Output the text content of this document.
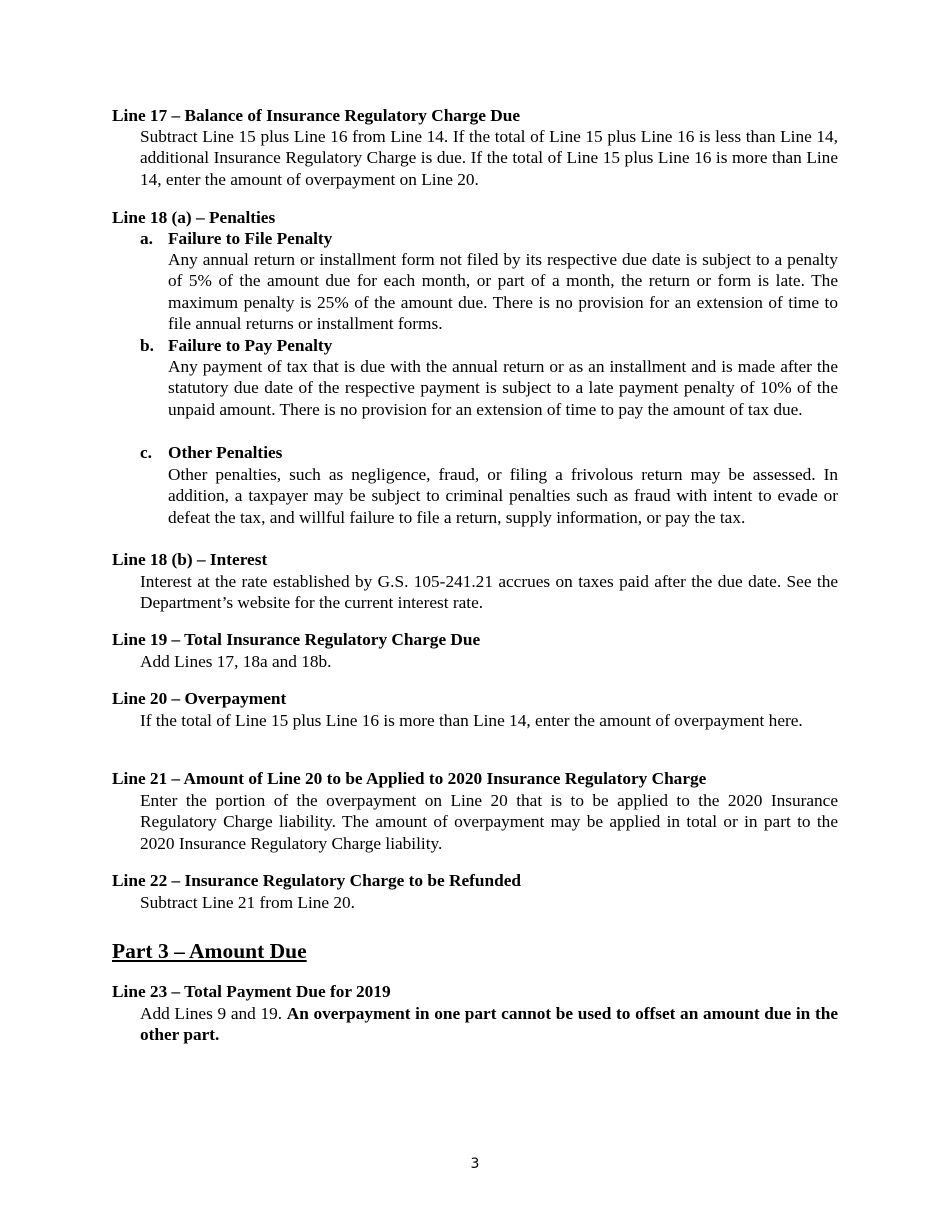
Line 17 – Balance of Insurance Regulatory Charge Due
Subtract Line 15 plus Line 16 from Line 14. If the total of Line 15 plus Line 16 is less than Line 14, additional Insurance Regulatory Charge is due. If the total of Line 15 plus Line 16 is more than Line 14, enter the amount of overpayment on Line 20.
Line 18 (a) – Penalties
a. Failure to File Penalty
Any annual return or installment form not filed by its respective due date is subject to a penalty of 5% of the amount due for each month, or part of a month, the return or form is late. The maximum penalty is 25% of the amount due. There is no provision for an extension of time to file annual returns or installment forms.
b. Failure to Pay Penalty
Any payment of tax that is due with the annual return or as an installment and is made after the statutory due date of the respective payment is subject to a late payment penalty of 10% of the unpaid amount. There is no provision for an extension of time to pay the amount of tax due.
c. Other Penalties
Other penalties, such as negligence, fraud, or filing a frivolous return may be assessed. In addition, a taxpayer may be subject to criminal penalties such as fraud with intent to evade or defeat the tax, and willful failure to file a return, supply information, or pay the tax.
Line 18 (b) – Interest
Interest at the rate established by G.S. 105-241.21 accrues on taxes paid after the due date. See the Department’s website for the current interest rate.
Line 19 – Total Insurance Regulatory Charge Due
Add Lines 17, 18a and 18b.
Line 20 – Overpayment
If the total of Line 15 plus Line 16 is more than Line 14, enter the amount of overpayment here.
Line 21 – Amount of Line 20 to be Applied to 2020 Insurance Regulatory Charge
Enter the portion of the overpayment on Line 20 that is to be applied to the 2020 Insurance Regulatory Charge liability. The amount of overpayment may be applied in total or in part to the 2020 Insurance Regulatory Charge liability.
Line 22 – Insurance Regulatory Charge to be Refunded
Subtract Line 21 from Line 20.
Part 3 – Amount Due
Line 23 – Total Payment Due for 2019
Add Lines 9 and 19. An overpayment in one part cannot be used to offset an amount due in the other part.
3
